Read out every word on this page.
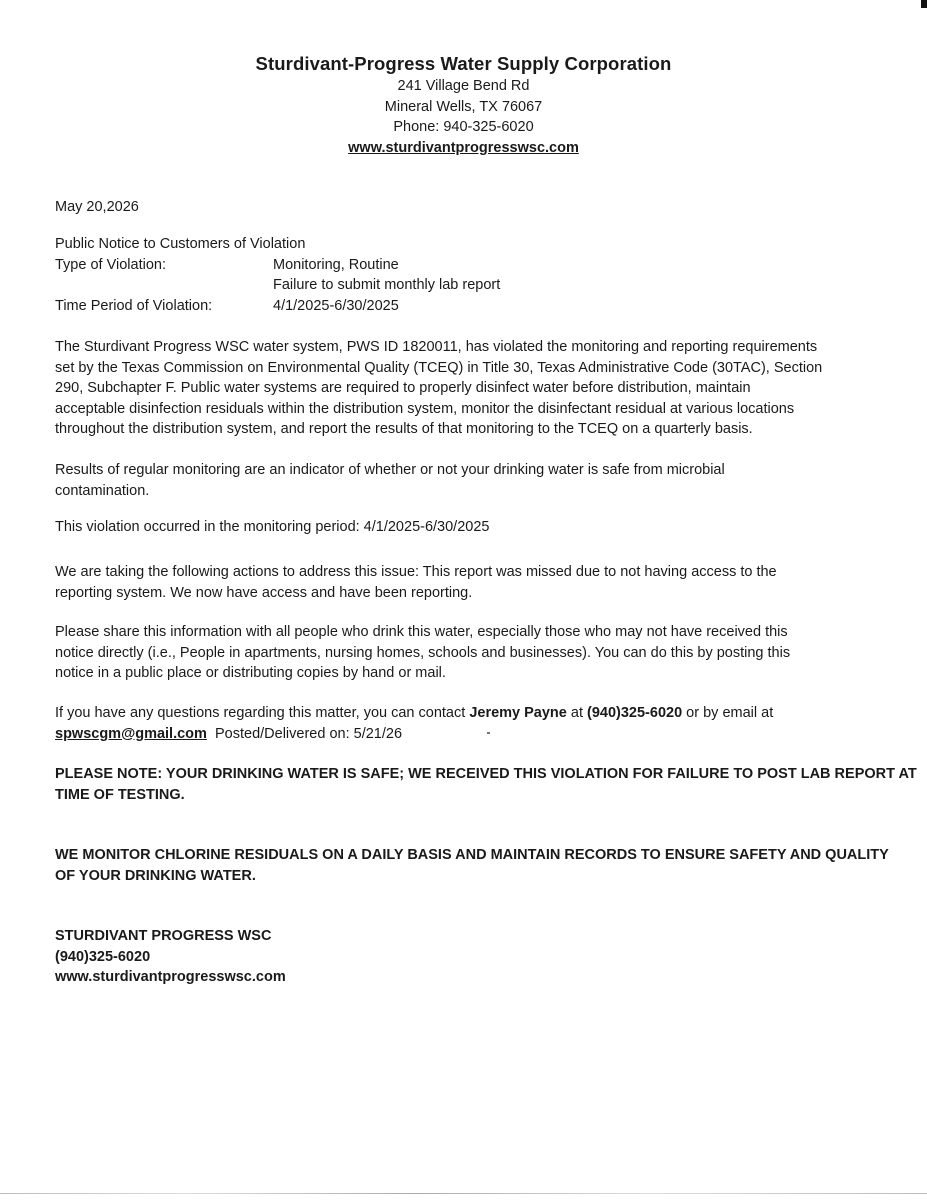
Sturdivant-Progress Water Supply Corporation
241 Village Bend Rd
Mineral Wells, TX 76067
Phone: 940-325-6020
www.sturdivantprogresswsc.com
May 20,2026
Public Notice to Customers of Violation
Type of Violation:	Monitoring, Routine
Failure to submit monthly lab report
Time Period of Violation:	4/1/2025-6/30/2025
The Sturdivant Progress WSC water system, PWS ID 1820011, has violated the monitoring and reporting requirements
set by the Texas Commission on Environmental Quality (TCEQ) in Title 30, Texas Administrative Code (30TAC), Section
290, Subchapter F. Public water systems are required to properly disinfect water before distribution, maintain
acceptable disinfection residuals within the distribution system, monitor the disinfectant residual at various locations
throughout the distribution system, and report the results of that monitoring to the TCEQ on a quarterly basis.
Results of regular monitoring are an indicator of whether or not your drinking water is safe from microbial
contamination.
This violation occurred in the monitoring period: 4/1/2025-6/30/2025
We are taking the following actions to address this issue: This report was missed due to not having access to the
reporting system. We now have access and have been reporting.
Please share this information with all people who drink this water, especially those who may not have received this
notice directly (i.e., People in apartments, nursing homes, schools and businesses). You can do this by posting this
notice in a public place or distributing copies by hand or mail.
If you have any questions regarding this matter, you can contact Jeremy Payne at (940)325-6020 or by email at
spwscgm@gmail.com  Posted/Delivered on: 5/21/26
PLEASE NOTE: YOUR DRINKING WATER IS SAFE; WE RECEIVED THIS VIOLATION FOR FAILURE TO POST LAB REPORT AT
TIME OF TESTING.
WE MONITOR CHLORINE RESIDUALS ON A DAILY BASIS AND MAINTAIN RECORDS TO ENSURE SAFETY AND QUALITY
OF YOUR DRINKING WATER.
STURDIVANT PROGRESS WSC
(940)325-6020
www.sturdivantprogresswsc.com
